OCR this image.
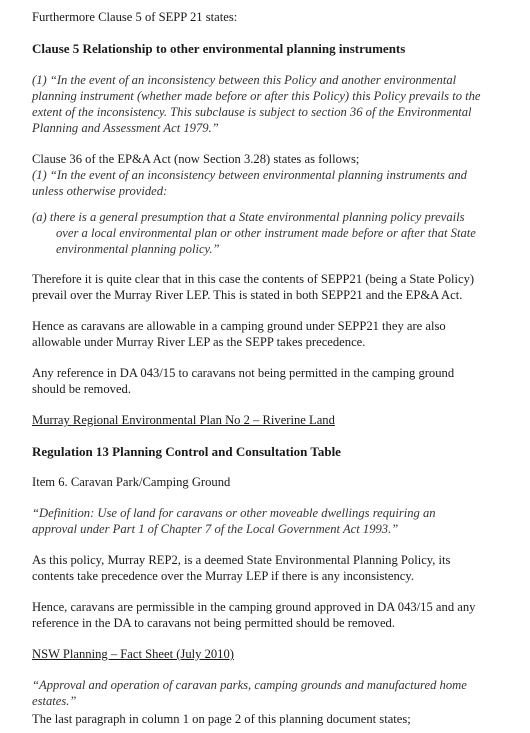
Furthermore Clause 5 of SEPP 21 states:
Clause 5 Relationship to other environmental planning instruments
(1) “In the event of an inconsistency between this Policy and another environmental
planning instrument (whether made before or after this Policy) this Policy prevails to the
extent of the inconsistency. This subclause is subject to section 36 of the Environmental
Planning and Assessment Act 1979.”
Clause 36 of the EP&A Act (now Section 3.28) states as follows;
(1) “In the event of an inconsistency between environmental planning instruments and
unless otherwise provided:
(a) there is a general presumption that a State environmental planning policy prevails
over a local environmental plan or other instrument made before or after that State
environmental planning policy.”
Therefore it is quite clear that in this case the contents of SEPP21 (being a State Policy)
prevail over the Murray River LEP. This is stated in both SEPP21 and the EP&A Act.
Hence as caravans are allowable in a camping ground under SEPP21 they are also
allowable under Murray River LEP as the SEPP takes precedence.
Any reference in DA 043/15 to caravans not being permitted in the camping ground
should be removed.
Murray Regional Environmental Plan No 2 – Riverine Land
Regulation 13 Planning Control and Consultation Table
Item 6. Caravan Park/Camping Ground
“Definition: Use of land for caravans or other moveable dwellings requiring an
approval under Part 1 of Chapter 7 of the Local Government Act 1993.”
As this policy, Murray REP2, is a deemed State Environmental Planning Policy, its
contents take precedence over the Murray LEP if there is any inconsistency.
Hence, caravans are permissible in the camping ground approved in DA 043/15 and any
reference in the DA to caravans not being permitted should be removed.
NSW Planning – Fact Sheet (July 2010)
“Approval and operation of caravan parks, camping grounds and manufactured home
estates.”
The last paragraph in column 1 on page 2 of this planning document states;
